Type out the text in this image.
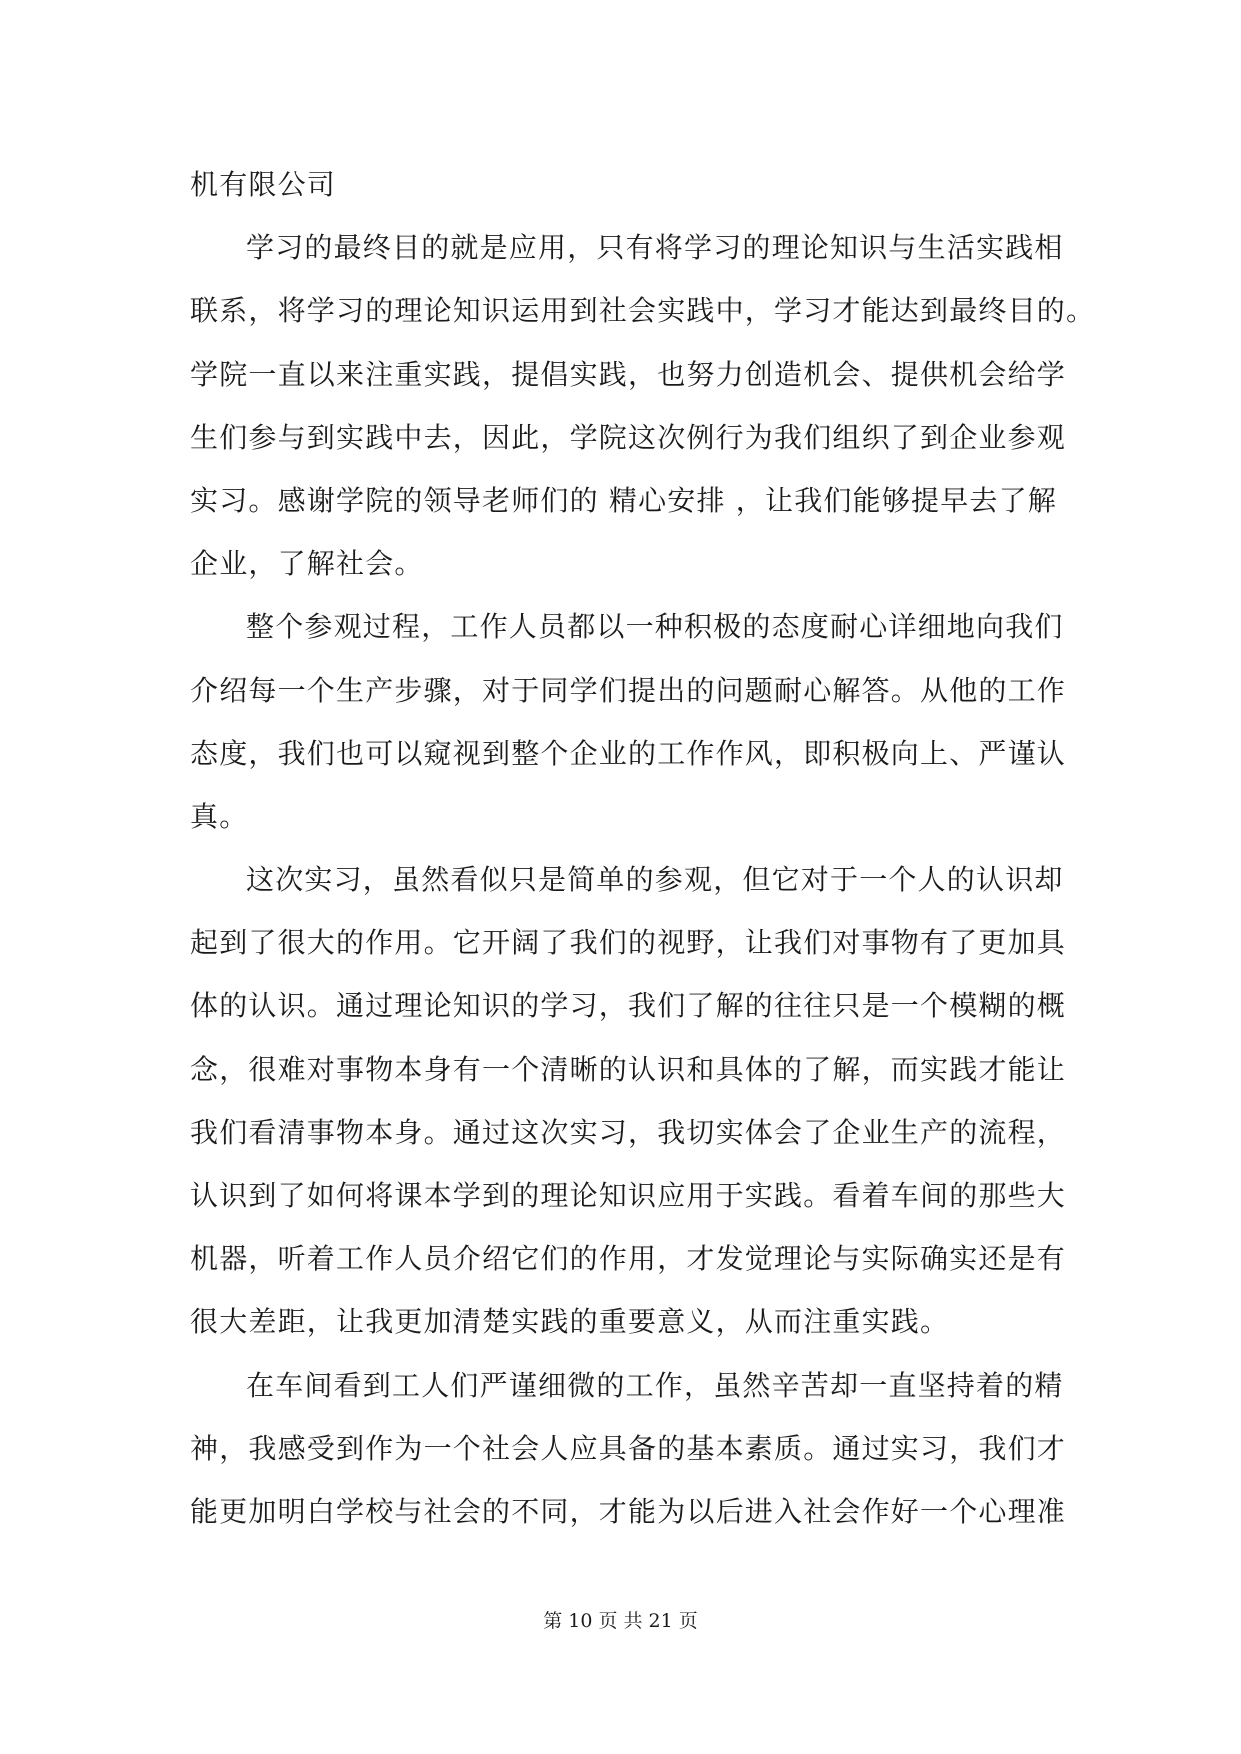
机有限公司
学习的最终目的就是应用，只有将学习的理论知识与生活实践相
联系，将学习的理论知识运用到社会实践中，学习才能达到最终目的。
学院一直以来注重实践，提倡实践，也努力创造机会、提供机会给学
生们参与到实践中去，因此，学院这次例行为我们组织了到企业参观
实习。感谢学院的领导老师们的 精心安排 ，让我们能够提早去了解
企业，了解社会。
整个参观过程，工作人员都以一种积极的态度耐心详细地向我们
介绍每一个生产步骤，对于同学们提出的问题耐心解答。从他的工作
态度，我们也可以窥视到整个企业的工作作风，即积极向上、严谨认
真。
这次实习，虽然看似只是简单的参观，但它对于一个人的认识却
起到了很大的作用。它开阔了我们的视野，让我们对事物有了更加具
体的认识。通过理论知识的学习，我们了解的往往只是一个模糊的概
念，很难对事物本身有一个清晰的认识和具体的了解，而实践才能让
我们看清事物本身。通过这次实习，我切实体会了企业生产的流程，
认识到了如何将课本学到的理论知识应用于实践。看着车间的那些大
机器，听着工作人员介绍它们的作用，才发觉理论与实际确实还是有
很大差距，让我更加清楚实践的重要意义，从而注重实践。
在车间看到工人们严谨细微的工作，虽然辛苦却一直坚持着的精
神，我感受到作为一个社会人应具备的基本素质。通过实习，我们才
能更加明白学校与社会的不同，才能为以后进入社会作好一个心理准
第 10 页 共 21 页
